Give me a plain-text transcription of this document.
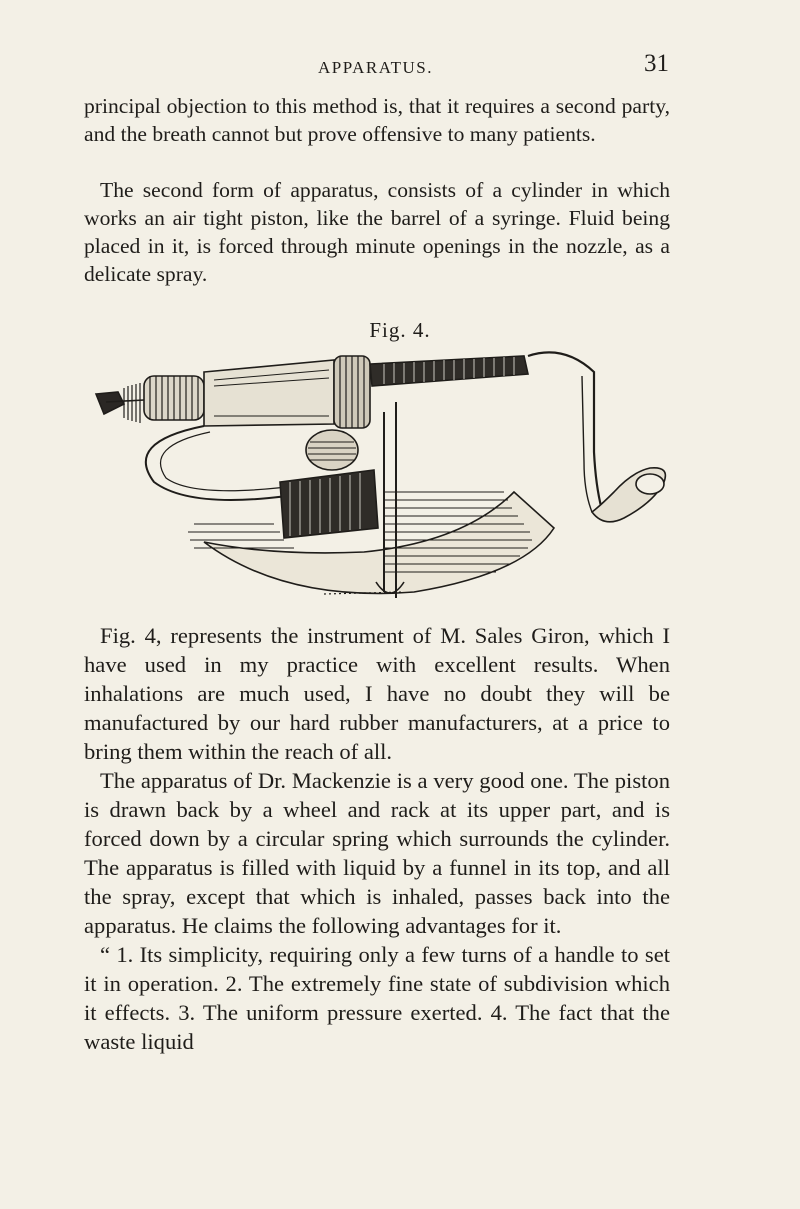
APPARATUS.	31

principal objection to this method is, that it requires a second party, and the breath cannot but prove offensive to many patients.

The second form of apparatus, consists of a cylinder in which works an air tight piston, like the barrel of a syringe. Fluid being placed in it, is forced through minute openings in the nozzle, as a delicate spray.

Fig. 4.

Fig. 4, represents the instrument of M. Sales Giron, which I have used in my practice with excellent results. When inhalations are much used, I have no doubt they will be manufactured by our hard rubber manufacturers, at a price to bring them within the reach of all.

The apparatus of Dr. Mackenzie is a very good one. The piston is drawn back by a wheel and rack at its upper part, and is forced down by a circular spring which surrounds the cylinder. The apparatus is filled with liquid by a funnel in its top, and all the spray, except that which is inhaled, passes back into the apparatus. He claims the following advantages for it.

“ 1. Its simplicity, requiring only a few turns of a handle to set it in operation. 2. The extremely fine state of subdivision which it effects. 3. The uniform pressure exerted. 4. The fact that the waste liquid
